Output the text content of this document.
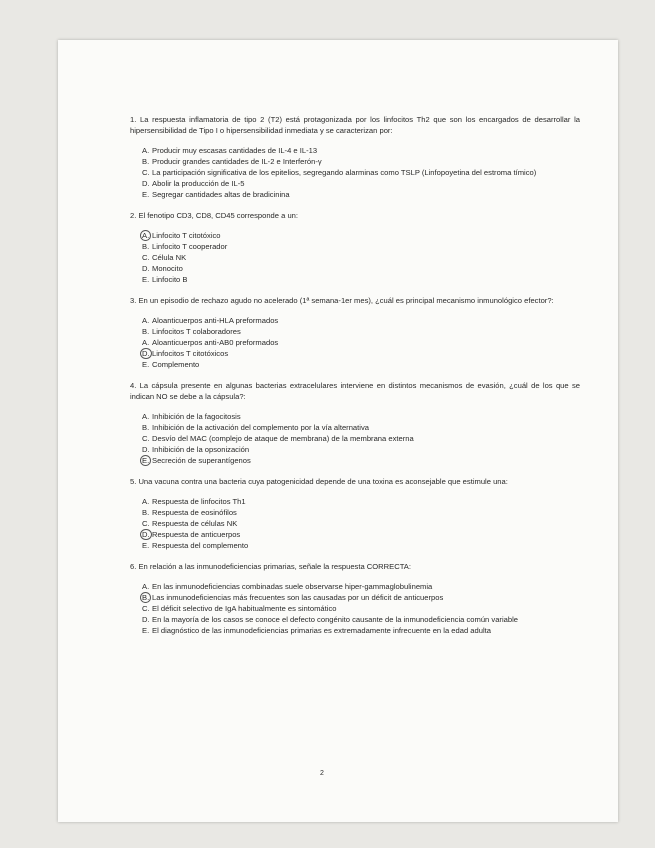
1. La respuesta inflamatoria de tipo 2 (T2) está protagonizada por los linfocitos Th2 que son los encargados de desarrollar la hipersensibilidad de Tipo I o hipersensibilidad inmediata y se caracterizan por:

A. Producir muy escasas cantidades de IL-4 e IL-13
B. Producir grandes cantidades de IL-2 e Interferón-γ
C. La participación significativa de los epitelios, segregando alarminas como TSLP (Linfopoyetina del estroma tímico)
D. Abolir la producción de IL-5
E. Segregar cantidades altas de bradicinina

2. El fenotipo CD3, CD8, CD45 corresponde a un:

A. Linfocito T citotóxico
B. Linfocito T cooperador
C. Célula NK
D. Monocito
E. Linfocito B

3. En un episodio de rechazo agudo no acelerado (1ª semana-1er mes), ¿cuál es principal mecanismo inmunológico efector?:

A. Aloanticuerpos anti-HLA preformados
B. Linfocitos T colaboradores
A. Aloanticuerpos anti-AB0 preformados
D. Linfocitos T citotóxicos
E. Complemento

4. La cápsula presente en algunas bacterias extracelulares interviene en distintos mecanismos de evasión, ¿cuál de los que se indican NO se debe a la cápsula?:

A. Inhibición de la fagocitosis
B. Inhibición de la activación del complemento por la vía alternativa
C. Desvío del MAC (complejo de ataque de membrana) de la membrana externa
D. Inhibición de la opsonización
E. Secreción de superantígenos

5. Una vacuna contra una bacteria cuya patogenicidad depende de una toxina es aconsejable que estimule una:

A. Respuesta de linfocitos Th1
B. Respuesta de eosinófilos
C. Respuesta de células NK
D. Respuesta de anticuerpos
E. Respuesta del complemento

6. En relación a las inmunodeficiencias primarias, señale la respuesta CORRECTA:

A. En las inmunodeficiencias combinadas suele observarse hiper-gammaglobulinemia
B. Las inmunodeficiencias más frecuentes son las causadas por un déficit de anticuerpos
C. El déficit selectivo de IgA habitualmente es sintomático
D. En la mayoría de los casos se conoce el defecto congénito causante de la inmunodeficiencia común variable
E. El diagnóstico de las inmunodeficiencias primarias es extremadamente infrecuente en la edad adulta
2
